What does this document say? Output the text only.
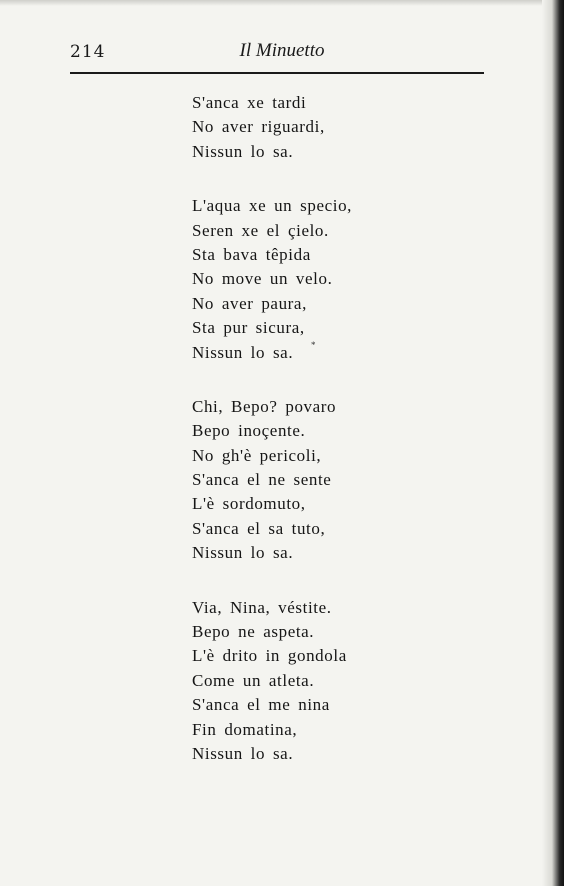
214	Il Minuetto
S'anca xe tardi
No aver riguardi,
Nissun lo sa.
L'aqua xe un specio,
Seren xe el çielo.
Sta bava têpida
No move un velo.
No aver paura,
Sta pur sicura,
Nissun lo sa.
Chi, Bepo? povaro
Bepo inoçente.
No gh'è pericoli,
S'anca el ne sente
L'è sordomuto,
S'anca el sa tuto,
Nissun lo sa.
Via, Nina, véstite.
Bepo ne aspeta.
L'è drito in gondola
Come un atleta.
S'anca el me nina
Fin domatina,
Nissun lo sa.
*
